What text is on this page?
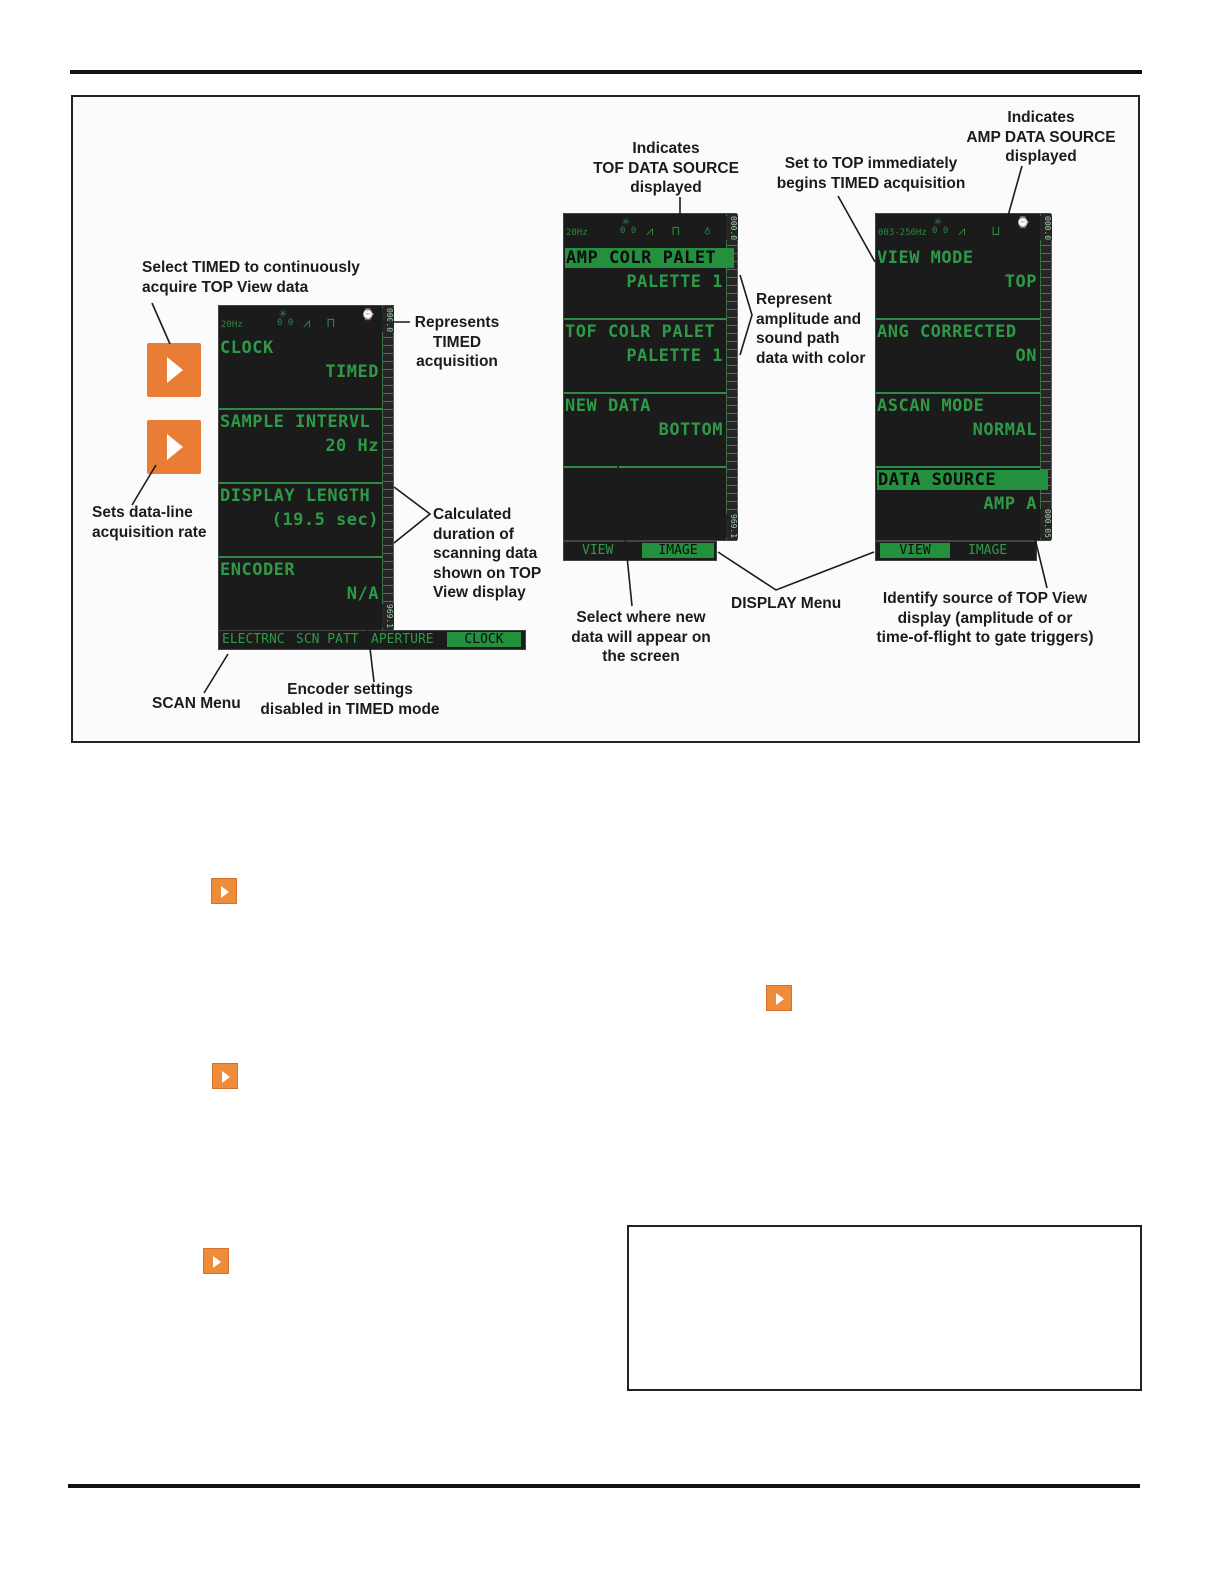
20Hz
✳
0 0 ⩘ ⊓
⌚	000.0
969.1
CLOCK
TIMED
SAMPLE INTERVL
20 Hz
DISPLAY LENGTH
(19.5 sec)
ENCODER
N/A
ELECTRNC SCN PATT APERTURE	CLOCK
20Hz
✳
0 0 ⩘ ⊓ ♁	000.0
969.1
AMP COLR PALET
PALETTE 1
TOF COLR PALET
PALETTE 1
NEW DATA
BOTTOM
VIEW	IMAGE
003-250Hz
✳
0 0 ⩘ ⊔
⌚	000.0
000.05
VIEW MODE
TOP
ANG CORRECTED
ON
ASCAN MODE
NORMAL
DATA SOURCE
AMP A
VIEW	IMAGE
Select TIMED to continuously
acquire TOP View data
Represents
TIMED
acquisition
Sets data-line
acquisition rate
Calculated
duration of
scanning data
shown on TOP
View display
SCAN Menu
Encoder settings
disabled in TIMED mode
Indicates
TOF DATA SOURCE
displayed
Set to TOP immediately
begins TIMED acquisition
Indicates
AMP DATA SOURCE
displayed
Represent
amplitude and
sound path
data with color
Select where new
data will appear on
the screen
DISPLAY Menu	Identify source of TOP View
display (amplitude of or
time-of-flight to gate triggers)
